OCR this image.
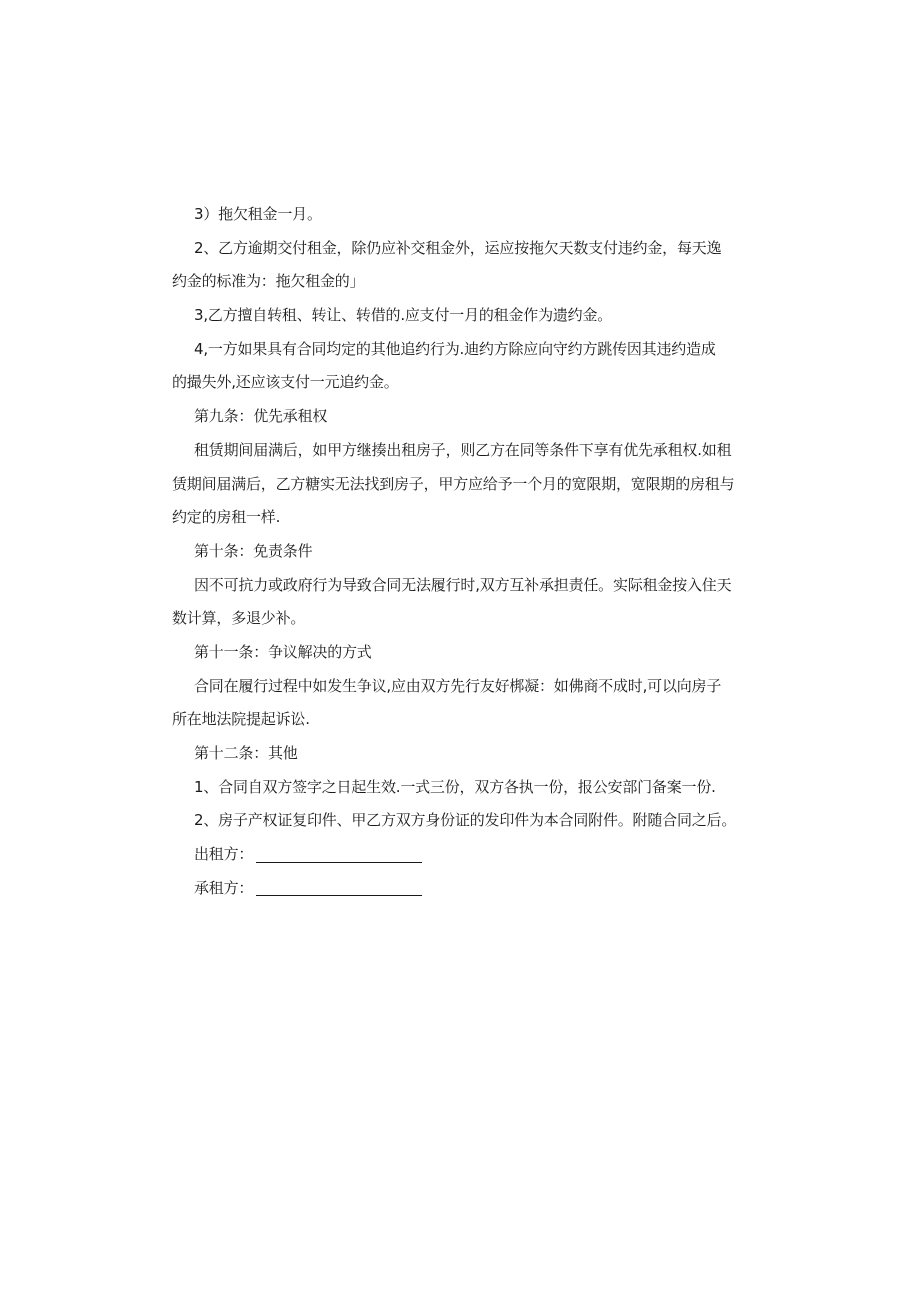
3）拖欠租金一月。
2、乙方逾期交付租金，除仍应补交租金外，运应按拖欠天数支付违约金，每天逸
约金的标准为：拖欠租金的」
3,乙方擅自转租、转让、转借的.应支付一月的租金作为遗约金。
4,一方如果具有合同均定的其他追约行为.迪约方除应向守约方跳传因其违约造成
的撮失外,还应该支付一元追约金。
第九条：优先承租权
租赁期间届满后，如甲方继揍出租房子，则乙方在同等条件下享有优先承租权.如租
赁期间届满后，乙方糖实无法找到房子，甲方应给予一个月的宽限期，宽限期的房租与
约定的房租一样.
第十条：免责条件
因不可抗力或政府行为导致合同无法履行时,双方互补承担责任。实际租金按入住天
数计算，多退少补。
第十一条：争议解决的方式
合同在履行过程中如发生争议,应由双方先行友好梆凝：如佛商不成时,可以向房子
所在地法院提起诉讼.
第十二条：其他
1、合同自双方签字之日起生效.一式三份，双方各执一份，报公安部门备案一份.
2、房子产权证复印件、甲乙方双方身份证的发印件为本合同附件。附随合同之后。
出租方：
承租方：
